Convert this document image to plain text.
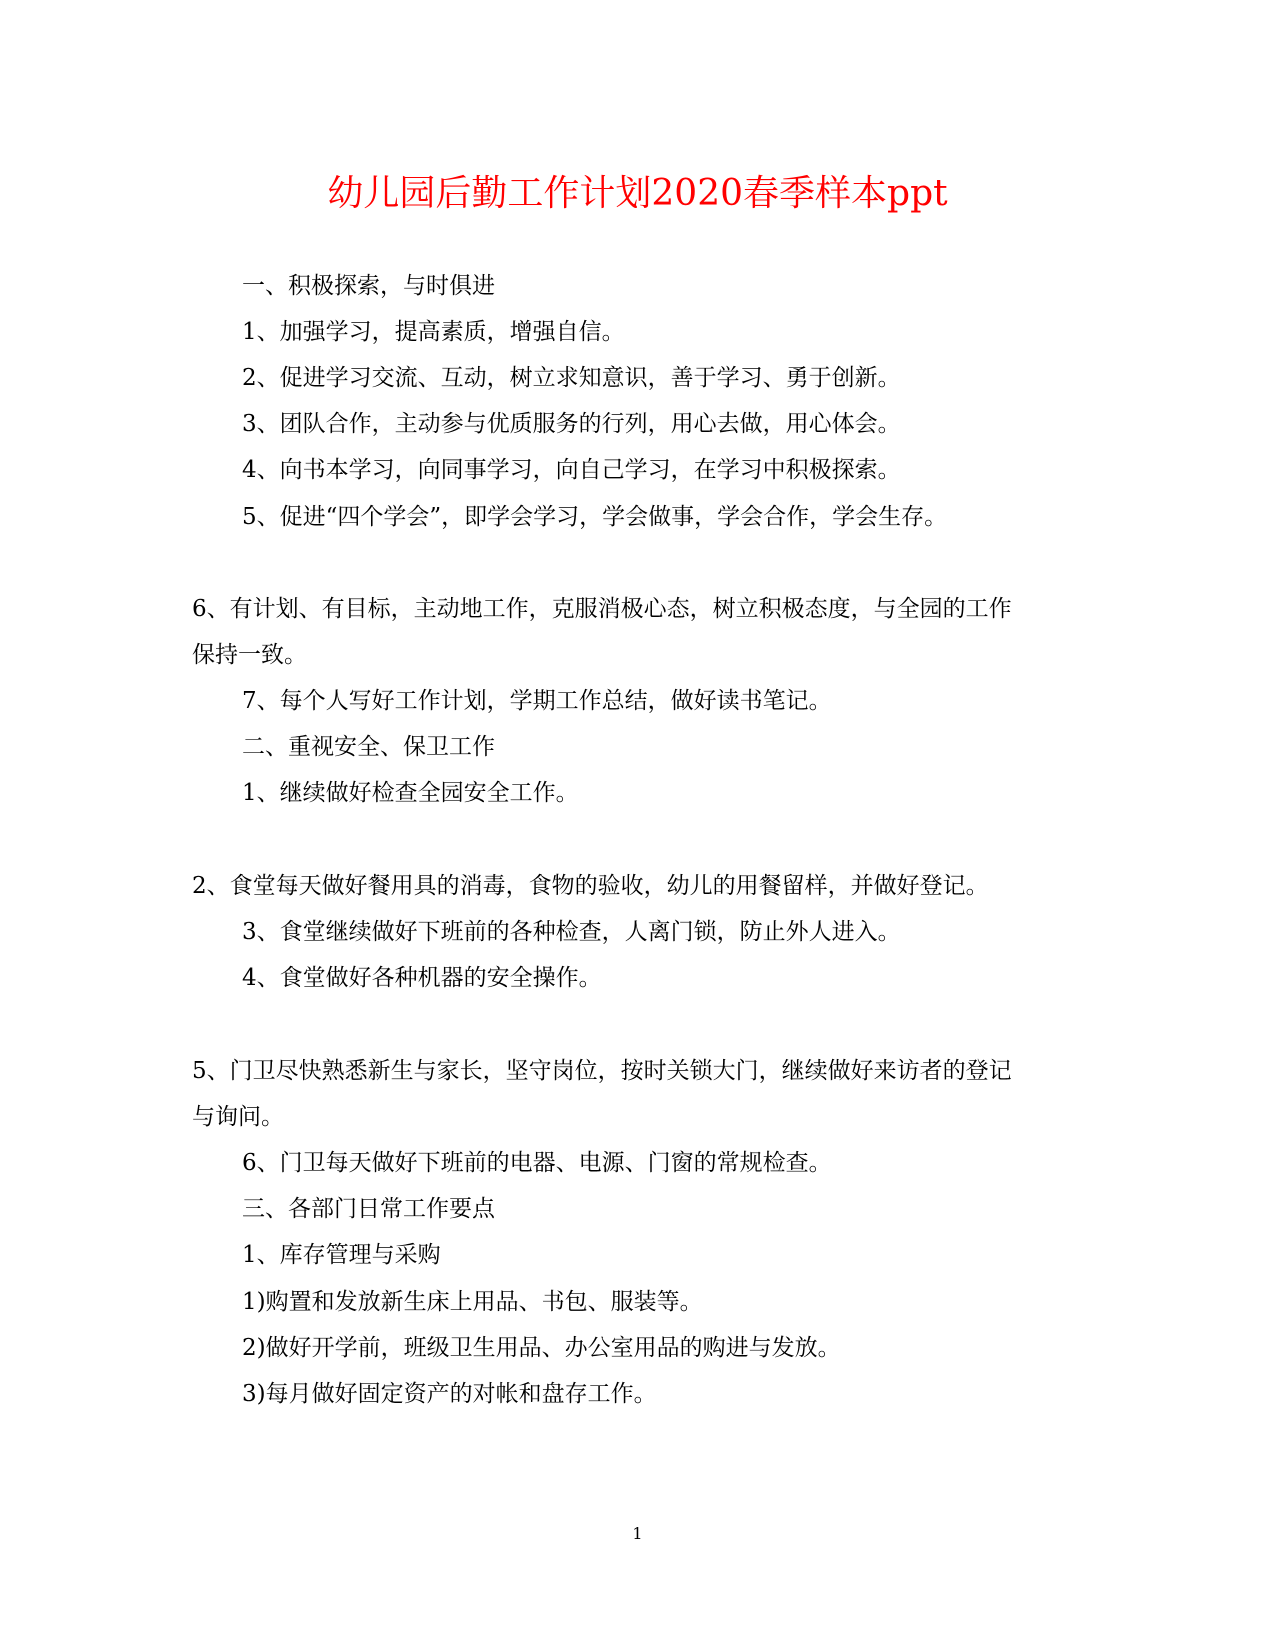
幼儿园后勤工作计划2020春季样本ppt
一、积极探索，与时俱进
1、加强学习，提高素质，增强自信。
2、促进学习交流、互动，树立求知意识，善于学习、勇于创新。
3、团队合作，主动参与优质服务的行列，用心去做，用心体会。
4、向书本学习，向同事学习，向自己学习，在学习中积极探索。
5、促进“四个学会”，即学会学习，学会做事，学会合作，学会生存。
6、有计划、有目标，主动地工作，克服消极心态，树立积极态度，与全园的工作
保持一致。
7、每个人写好工作计划，学期工作总结，做好读书笔记。
二、重视安全、保卫工作
1、继续做好检查全园安全工作。
2、食堂每天做好餐用具的消毒，食物的验收，幼儿的用餐留样，并做好登记。
3、食堂继续做好下班前的各种检查，人离门锁，防止外人进入。
4、食堂做好各种机器的安全操作。
5、门卫尽快熟悉新生与家长，坚守岗位，按时关锁大门，继续做好来访者的登记
与询问。
6、门卫每天做好下班前的电器、电源、门窗的常规检查。
三、各部门日常工作要点
1、库存管理与采购
1)购置和发放新生床上用品、书包、服装等。
2)做好开学前，班级卫生用品、办公室用品的购进与发放。
3)每月做好固定资产的对帐和盘存工作。
1
